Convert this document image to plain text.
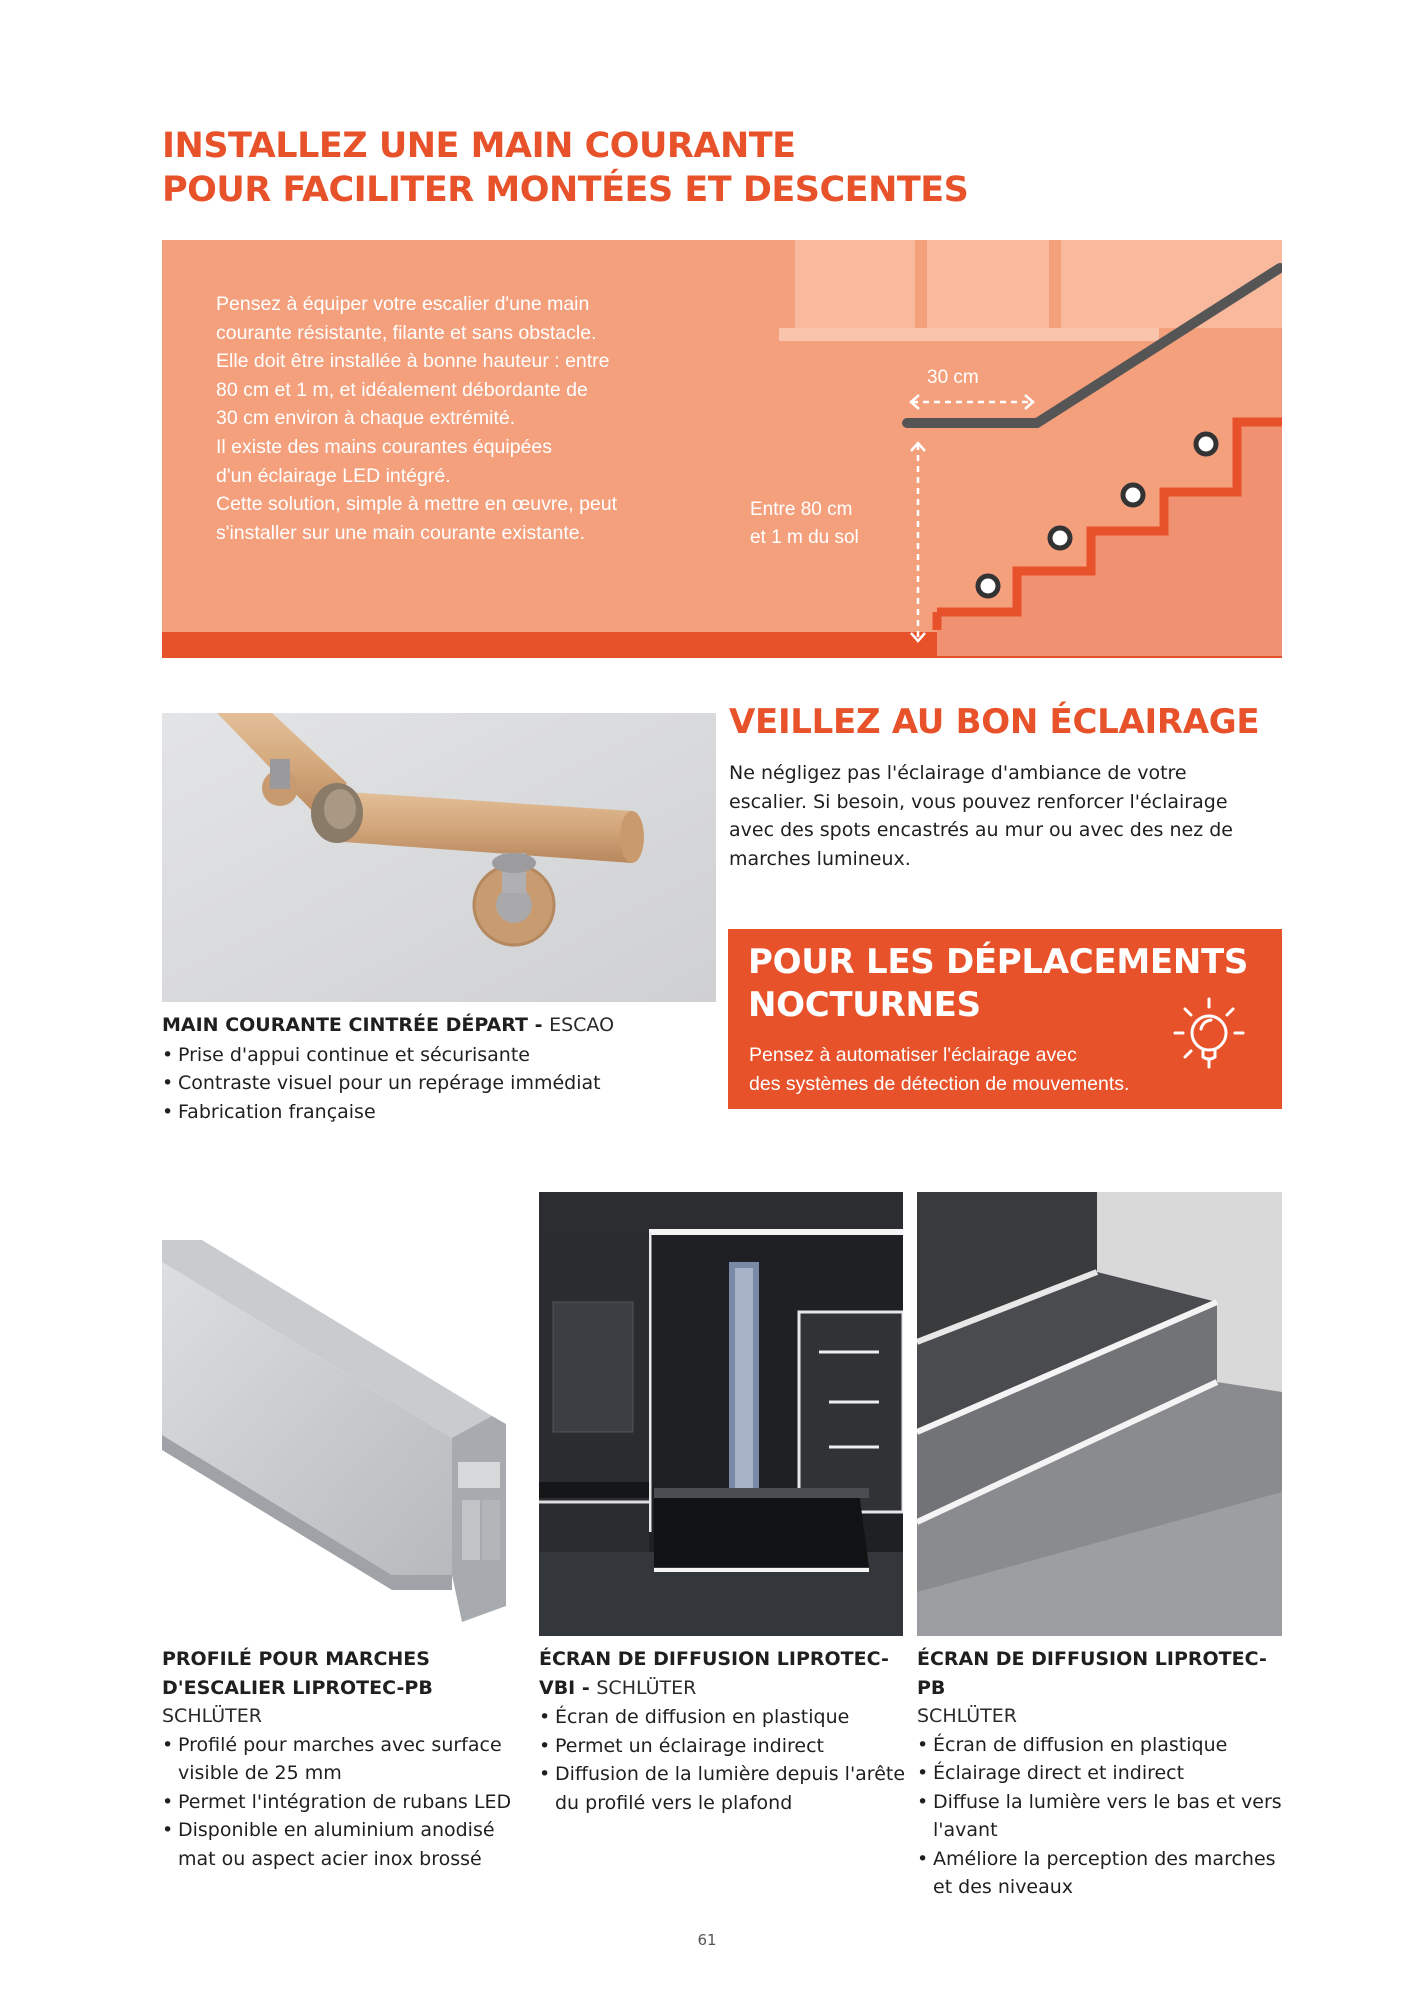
INSTALLEZ UNE MAIN COURANTE
POUR FACILITER MONTÉES ET DESCENTES

Pensez à équiper votre escalier d'une main

courante résistante, filante et sans obstacle.

Elle doit être installée à bonne hauteur : entre

80 cm et 1 m, et idéalement débordante de

30 cm environ à chaque extrémité.

Il existe des mains courantes équipées

d'un éclairage LED intégré.

Cette solution, simple à mettre en œuvre, peut

s'installer sur une main courante existante.

30 cm
Entre 80 cm
et 1 m du sol
MAIN COURANTE CINTRÉE DÉPART - ESCAO
• Prise d'appui continue et sécurisante
• Contraste visuel pour un repérage immédiat
• Fabrication française
VEILLEZ AU BON ÉCLAIRAGE
Ne négligez pas l'éclairage d'ambiance de votre
escalier. Si besoin, vous pouvez renforcer l'éclairage
avec des spots encastrés au mur ou avec des nez de
marches lumineux.
POUR LES DÉPLACEMENTS
NOCTURNES
Pensez à automatiser l'éclairage avec
des systèmes de détection de mouvements.
PROFILÉ POUR MARCHES
D'ESCALIER LIPROTEC-PB
SCHLÜTER
• Profilé pour marches avec surface visible de 25 mm
• Permet l'intégration de rubans LED
• Disponible en aluminium anodisé mat ou aspect acier inox brossé
ÉCRAN DE DIFFUSION LIPROTEC-
VBI - SCHLÜTER
• Écran de diffusion en plastique
• Permet un éclairage indirect
• Diffusion de la lumière depuis l'arête du profilé vers le plafond
ÉCRAN DE DIFFUSION LIPROTEC-PB
SCHLÜTER
• Écran de diffusion en plastique
• Éclairage direct et indirect
• Diffuse la lumière vers le bas et vers l'avant
• Améliore la perception des marches et des niveaux
61
